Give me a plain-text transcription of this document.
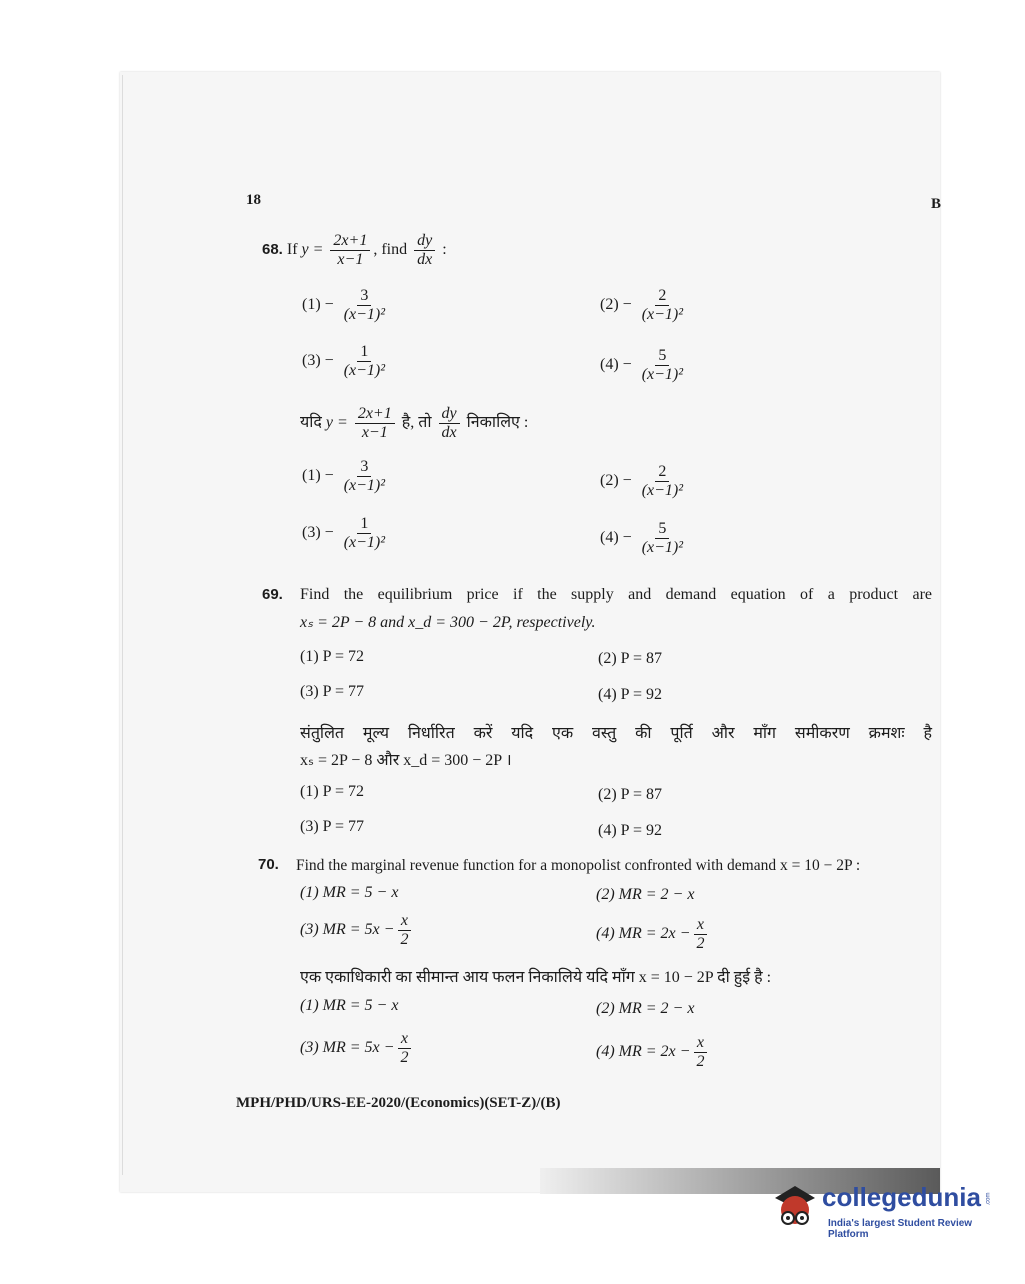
18	B
68. If $y = \frac{2x+1}{x-1}$ , find $\frac{dy}{dx}$ :
$(1) - \frac{3}{\text{(x−1)²}}$	$(2) - \frac{2}{\text{(x−1)²}}$
$(3) - \frac{1}{\text{(x−1)²}}$	$(4) - \frac{5}{\text{(x−1)²}}$
यदि $y = \frac{2x+1}{x-1}$ है, तो $\frac{dy}{dx}$ निकालिए :
$(1) - \frac{3}{\text{(x−1)²}}$	$(2) - \frac{2}{\text{(x−1)²}}$
$(3) - \frac{1}{\text{(x−1)²}}$	$(4) - \frac{5}{\text{(x−1)²}}$
69. Find the equilibrium price if the supply and demand equation of a product are
xₛ = 2P − 8 and x_d = 300 − 2P, respectively.
(1) P = 72	(2) P = 87
(3) P = 77	(4) P = 92
संतुलित मूल्य निर्धारित करें यदि एक वस्तु की पूर्ति और माँग समीकरण क्रमशः है
xₛ = 2P − 8 और x_d = 300 − 2P ।
(1) P = 72	(2) P = 87
(3) P = 77	(4) P = 92
70. Find the marginal revenue function for a monopolist confronted with demand x = 10 − 2P :
(1) MR = 5 − x	(2) MR = 2 − x
(3) MR = $5x - \frac{x}{2}$	(4) MR = $2x - \frac{x}{2}$
एक एकाधिकारी का सीमान्त आय फलन निकालिये यदि माँग x = 10 − 2P दी हुई है :
(1) MR = 5 − x	(2) MR = 2 − x
(3) MR = $5x - \frac{x}{2}$	(4) MR = $2x - \frac{x}{2}$
MPH/PHD/URS-EE-2020/(Economics)(SET-Z)/(B)
collegedunia .com
India's largest Student Review Platform
